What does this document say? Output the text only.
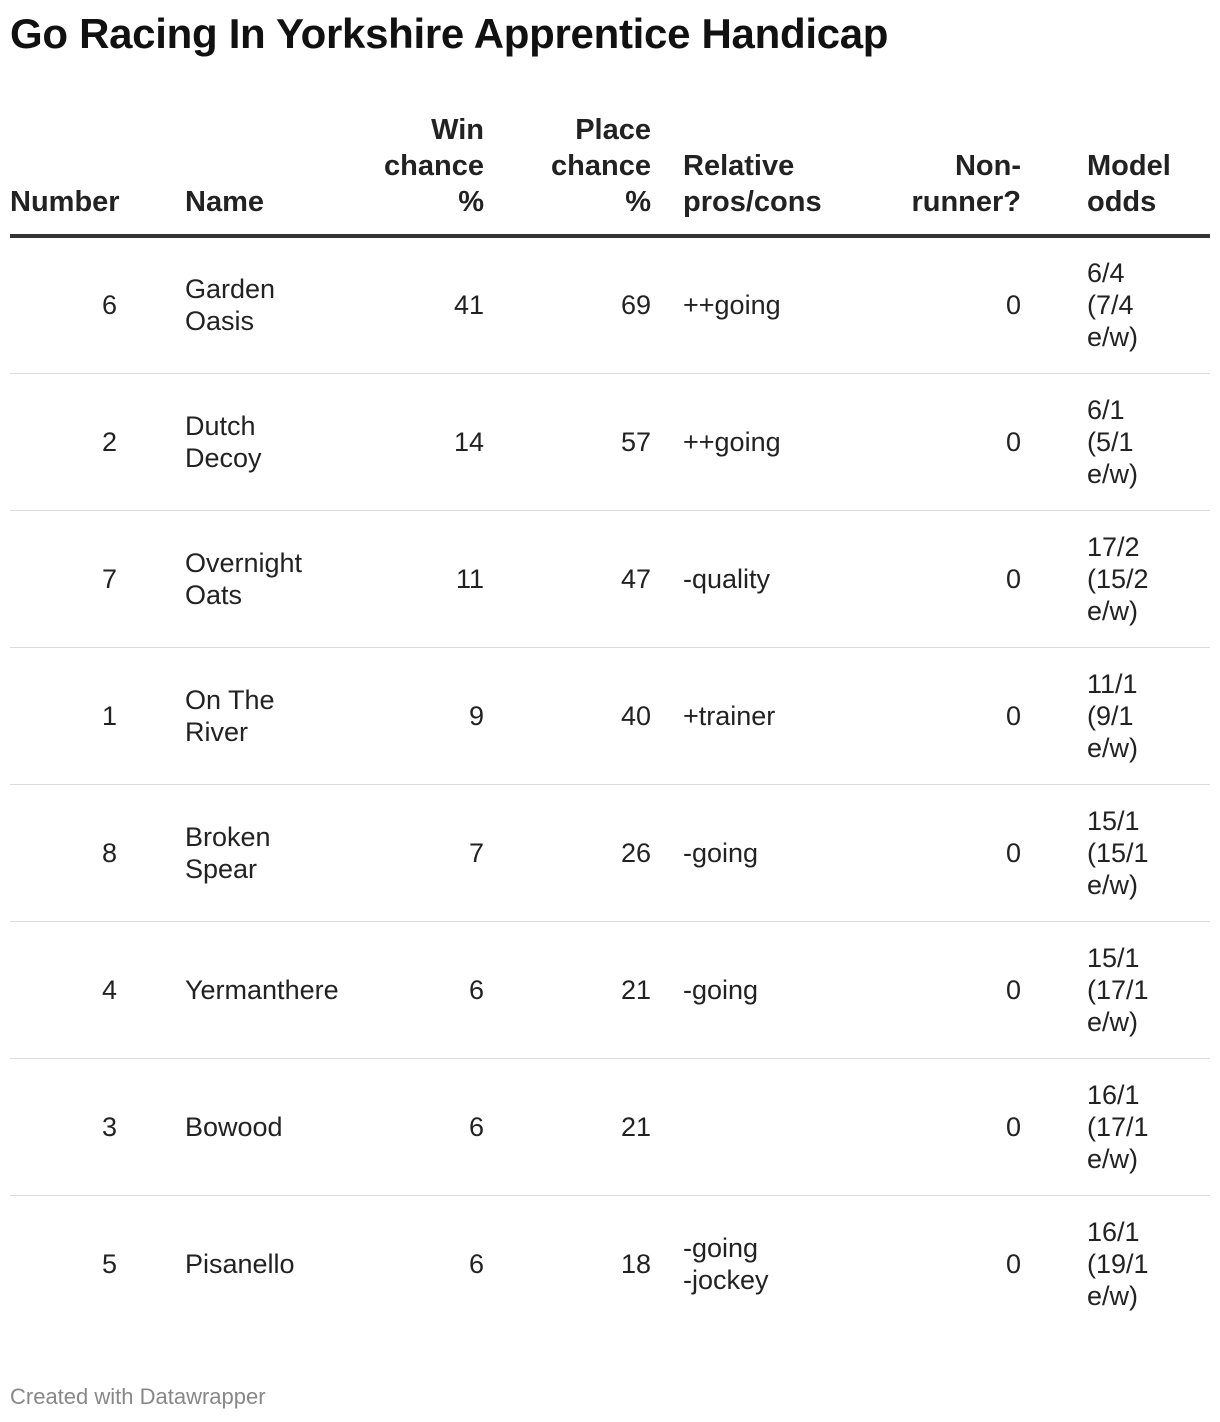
Go Racing In Yorkshire Apprentice Handicap
Number	Name	Win
chance
%	Place
chance
%	Relative
pros/cons	Non-
runner?	Model
odds
6	Garden
Oasis	41	69	++going	0	6/4
(7/4
e/w)
2	Dutch Decoy	14	57	++going	0	6/1
(5/1
e/w)
7	Overnight
Oats	11	47	-quality	0	17/2
(15/2
e/w)
1	On The River	9	40	+trainer	0	11/1
(9/1
e/w)
8	Broken
Spear	7	26	-going	0	15/1
(15/1
e/w)
4	Yermanthere	6	21	-going	0	15/1
(17/1
e/w)
3	Bowood	6	21		0	16/1
(17/1
e/w)
5	Pisanello	6	18	-going
-jockey	0	16/1
(19/1
e/w)
Created with Datawrapper
